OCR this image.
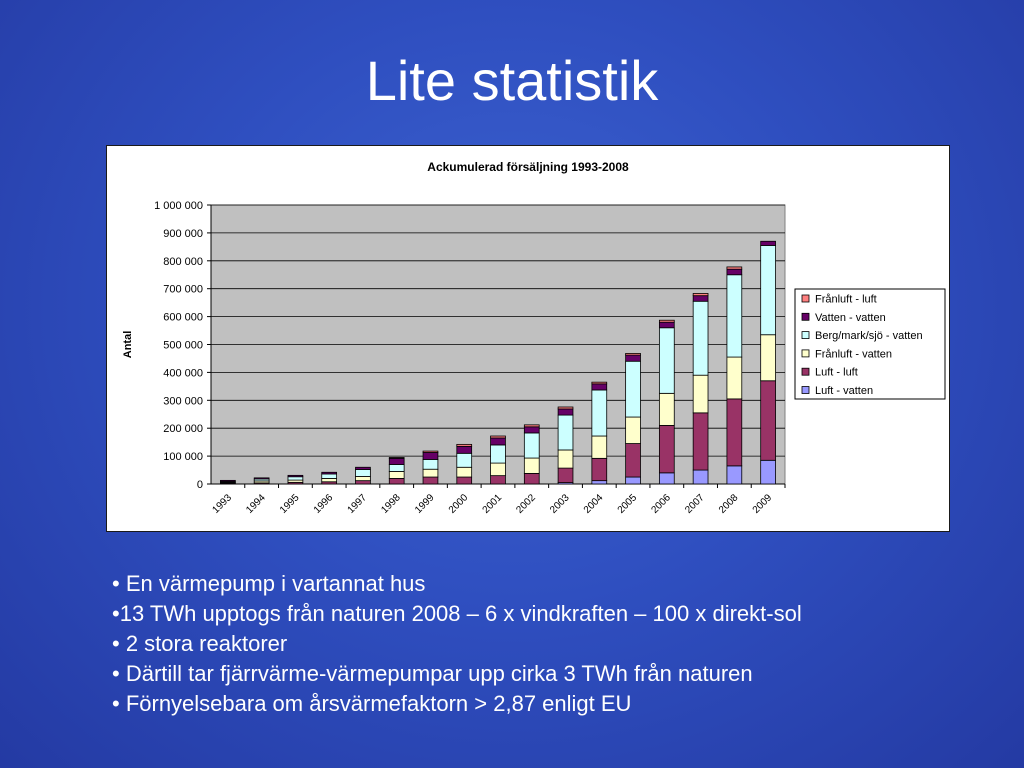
Lite statistik
Ackumulerad försäljning 1993-2008
0
100 000
200 000
300 000
400 000
500 000
600 000
700 000
800 000
900 000
1 000 000
Antal
1993 1994 1995 1996 1997 1998 1999 2000 2001 2002 2003 2004 2005 2006 2007 2008 2009
Frånluft - luft
Vatten - vatten
Berg/mark/sjö - vatten
Frånluft - vatten
Luft - luft
Luft - vatten
• En värmepump i vartannat hus
•13 TWh upptogs från naturen 2008 – 6 x vindkraften – 100 x direkt-sol
• 2 stora reaktorer
• Därtill tar fjärrvärme-värmepumpar upp cirka 3 TWh från naturen
• Förnyelsebara om årsvärmefaktorn > 2,87 enligt EU
